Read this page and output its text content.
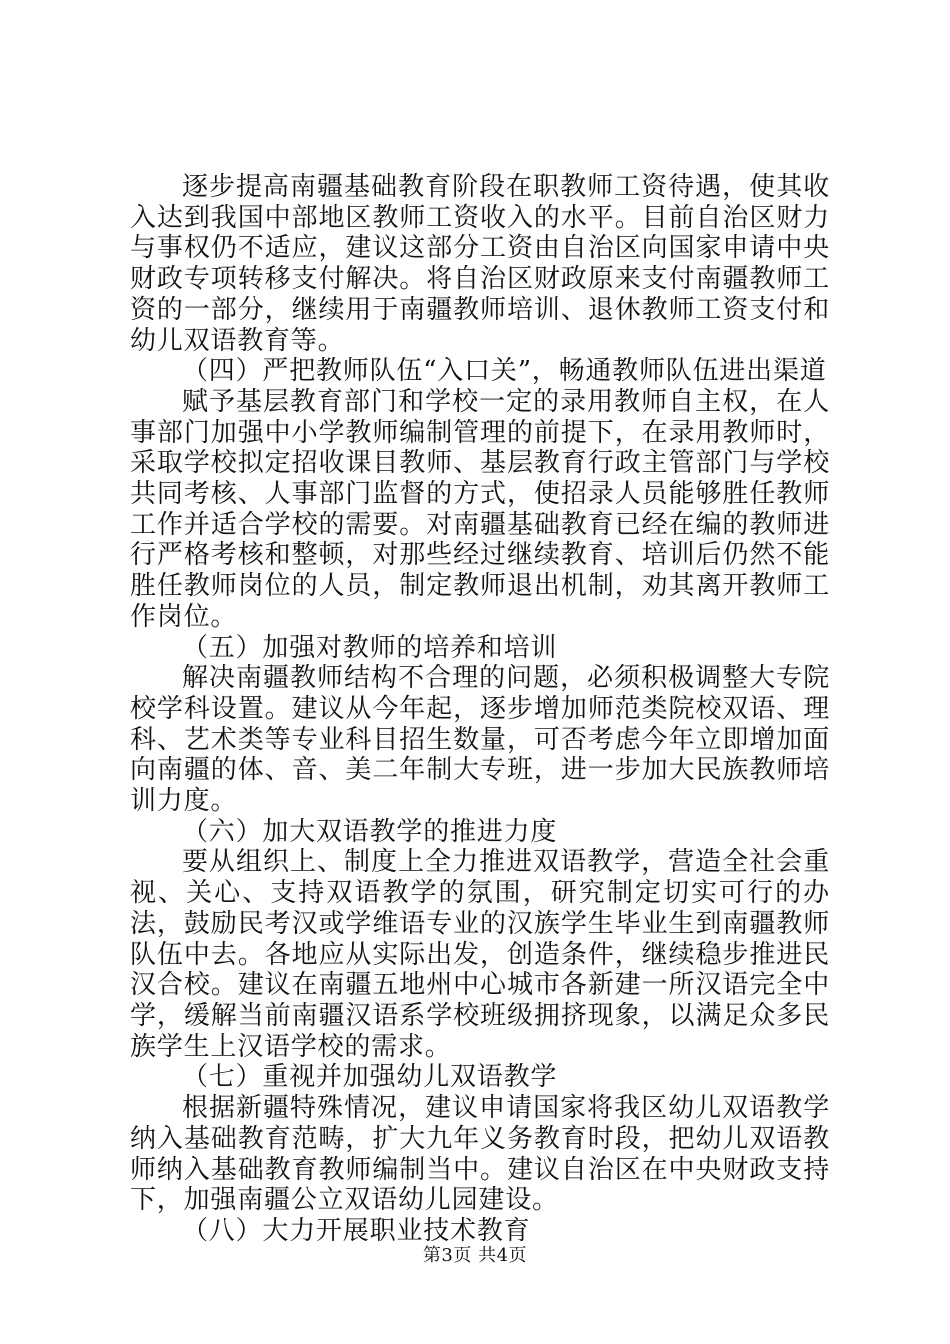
逐步提高南疆基础教育阶段在职教师工资待遇，使其收入达到我国中部地区教师工资收入的水平。目前自治区财力与事权仍不适应，建议这部分工资由自治区向国家申请中央财政专项转移支付解决。将自治区财政原来支付南疆教师工资的一部分，继续用于南疆教师培训、退休教师工资支付和幼儿双语教育等。

（四）严把教师队伍“入口关”，畅通教师队伍进出渠道

赋予基层教育部门和学校一定的录用教师自主权，在人事部门加强中小学教师编制管理的前提下，在录用教师时，采取学校拟定招收课目教师、基层教育行政主管部门与学校共同考核、人事部门监督的方式，使招录人员能够胜任教师工作并适合学校的需要。对南疆基础教育已经在编的教师进行严格考核和整顿，对那些经过继续教育、培训后仍然不能胜任教师岗位的人员，制定教师退出机制，劝其离开教师工作岗位。

（五）加强对教师的培养和培训

解决南疆教师结构不合理的问题，必须积极调整大专院校学科设置。建议从今年起，逐步增加师范类院校双语、理科、艺术类等专业科目招生数量，可否考虑今年立即增加面向南疆的体、音、美二年制大专班，进一步加大民族教师培训力度。

（六）加大双语教学的推进力度

要从组织上、制度上全力推进双语教学，营造全社会重视、关心、支持双语教学的氛围，研究制定切实可行的办法，鼓励民考汉或学维语专业的汉族学生毕业生到南疆教师队伍中去。各地应从实际出发，创造条件，继续稳步推进民汉合校。建议在南疆五地州中心城市各新建一所汉语完全中学，缓解当前南疆汉语系学校班级拥挤现象，以满足众多民族学生上汉语学校的需求。

（七）重视并加强幼儿双语教学

根据新疆特殊情况，建议申请国家将我区幼儿双语教学纳入基础教育范畴，扩大九年义务教育时段，把幼儿双语教师纳入基础教育教师编制当中。建议自治区在中央财政支持下，加强南疆公立双语幼儿园建设。

（八）大力开展职业技术教育

第3页 共4页
